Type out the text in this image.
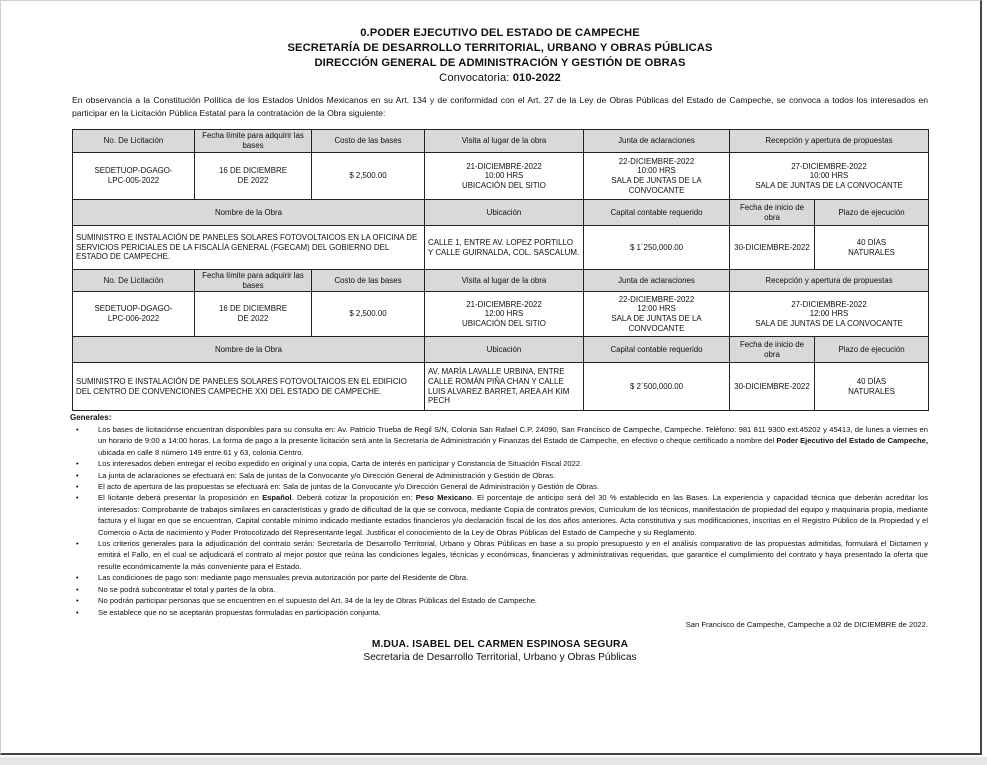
0.PODER EJECUTIVO DEL ESTADO DE CAMPECHE
SECRETARÍA DE DESARROLLO TERRITORIAL, URBANO Y OBRAS PÚBLICAS
DIRECCIÓN GENERAL DE ADMINISTRACIÓN Y GESTIÓN DE OBRAS
Convocatoria: 010-2022
En observancia a la Constitución Política de los Estados Unidos Mexicanos en su Art. 134 y de conformidad con el Art. 27 de la Ley de Obras Públicas del Estado de Campeche, se convoca a todos los interesados en participar en la Licitación Pública Estatal para la contratación de la Obra siguiente:
No. De Licitación	Fecha límite para adquirir las bases	Costo de las bases	Visita al lugar de la obra	Junta de aclaraciones	Recepción y apertura de propuestas	
SEDETUOP-DGAGO-
LPC-005-2022	16 DE DICIEMBRE
DE 2022	$ 2,500.00	21-DICIEMBRE-2022
10:00 HRS
UBICACIÓN DEL SITIO	22-DICIEMBRE-2022
10:00 HRS
SALA DE JUNTAS DE LA
CONVOCANTE	27-DICIEMBRE-2022
10:00 HRS
SALA DE JUNTAS DE LA CONVOCANTE	
Nombre de la Obra			Ubicación	Capital contable requerido	Fecha de inicio de obra	Plazo de ejecución
SUMINISTRO E INSTALACIÓN DE PANELES SOLARES FOTOVOLTAICOS EN LA OFICINA DE SERVICIOS PERICIALES DE LA FISCALÍA GENERAL (FGECAM) DEL GOBIERNO DEL ESTADO DE CAMPECHE.			CALLE 1, ENTRE AV. LOPEZ PORTILLO Y CALLE GUIRNALDA, COL. SASCALUM.	$ 1´250,000.00	30-DICIEMBRE-2022	40 DÍAS
NATURALES
No. De Licitación	Fecha límite para adquirir las bases	Costo de las bases	Visita al lugar de la obra	Junta de aclaraciones	Recepción y apertura de propuestas	
SEDETUOP-DGAGO-
LPC-006-2022	16 DE DICIEMBRE
DE 2022	$ 2,500.00	21-DICIEMBRE-2022
12:00 HRS
UBICACIÓN DEL SITIO	22-DICIEMBRE-2022
12:00 HRS
SALA DE JUNTAS DE LA
CONVOCANTE	27-DICIEMBRE-2022
12:00 HRS
SALA DE JUNTAS DE LA CONVOCANTE	
Nombre de la Obra			Ubicación	Capital contable requerido	Fecha de inicio de obra	Plazo de ejecución
SUMINISTRO E INSTALACIÓN DE PANELES SOLARES FOTOVOLTAICOS EN EL EDIFICIO DEL CENTRO DE CONVENCIONES CAMPECHE XXI DEL ESTADO DE CAMPECHE.			AV. MARÍA LAVALLE URBINA, ENTRE CALLE ROMÁN PIÑA CHAN Y CALLE LUIS ALVAREZ BARRET, AREA AH KIM PECH	$ 2´500,000.00	30-DICIEMBRE-2022	40 DÍAS
NATURALES
Generales:
• Los bases de licitaciónse encuentran disponibles para su consulta en: Av. Patricio Trueba de Regil S/N, Colonia San Rafael C.P. 24090, San Francisco de Campeche, Campeche. Teléfono: 981 811 9300 ext.45202 y 45413, de lunes a viernes en un horario de 9:00 a 14:00 horas. La forma de pago a la presente licitación será ante la Secretaría de Administración y Finanzas del Estado de Campeche, en efectivo o cheque certificado a nombre del Poder Ejecutivo del Estado de Campeche, ubicada en calle 8 número 149 entre 61 y 63, colonia Centro.
• Los interesados deben entregar el recibo expedido en original y una copia, Carta de interés en participar y Constancia de Situación Fiscal 2022.
• La junta de aclaraciones se efectuará en: Sala de juntas de la Convocante y/o Dirección General de Administración y Gestión de Obras.
• El acto de apertura de las propuestas se efectuará en: Sala de juntas de la Convocante y/o Dirección General de Administración y Gestión de Obras.
• El licitante deberá presentar la proposición en Español. Deberá cotizar la proposición en: Peso Mexicano. El porcentaje de anticipo será del 30 % establecido en las Bases. La experiencia y capacidad técnica que deberán acreditar los interesados: Comprobante de trabajos similares en características y grado de dificultad de la que se convoca, mediante Copia de contratos previos, Curriculum de los técnicos, manifestación de propiedad del equipo y maquinaria propia, mediante factura y el lugar en que se encuentran, Capital contable mínimo indicado mediante estados financieros y/o declaración fiscal de los dos años anteriores. Acta constitutiva y sus modificaciones, inscritas en el Registro Público de la Propiedad y el Comercio o Acta de nacimiento y Poder Protocolizado del Representante legal. Justificar el conocimiento de la Ley de Obras Públicas del Estado de Campeche y su Reglamento.
• Los criterios generales para la adjudicación del contrato serán: Secretaría de Desarrollo Territorial, Urbano y Obras Públicas en base a su propio presupuesto y en el análisis comparativo de las propuestas admitidas, formulará el Dictamen y emitirá el Fallo, en el cual se adjudicará el contrato al mejor postor que reúna las condiciones legales, técnicas y económicas, financieras y administrativas requeridas, que garantice el cumplimiento del contrato y haya presentado la oferta que resulte económicamente la más conveniente para el Estado.
• Las condiciones de pago son: mediante pago mensuales previa autorización por parte del Residente de Obra.
• No se podrá subcontratar el total y partes de la obra.
• No podrán participar personas que se encuentren en el supuesto del Art. 34 de la ley de Obras Públicas del Estado de Campeche.
• Se establece que no se aceptarán propuestas formuladas en participación conjunta.
San Francisco de Campeche, Campeche a 02 de DICIEMBRE de 2022.
M.DUA. ISABEL DEL CARMEN ESPINOSA SEGURA
Secretaria de Desarrollo Territorial, Urbano y Obras Públicas
